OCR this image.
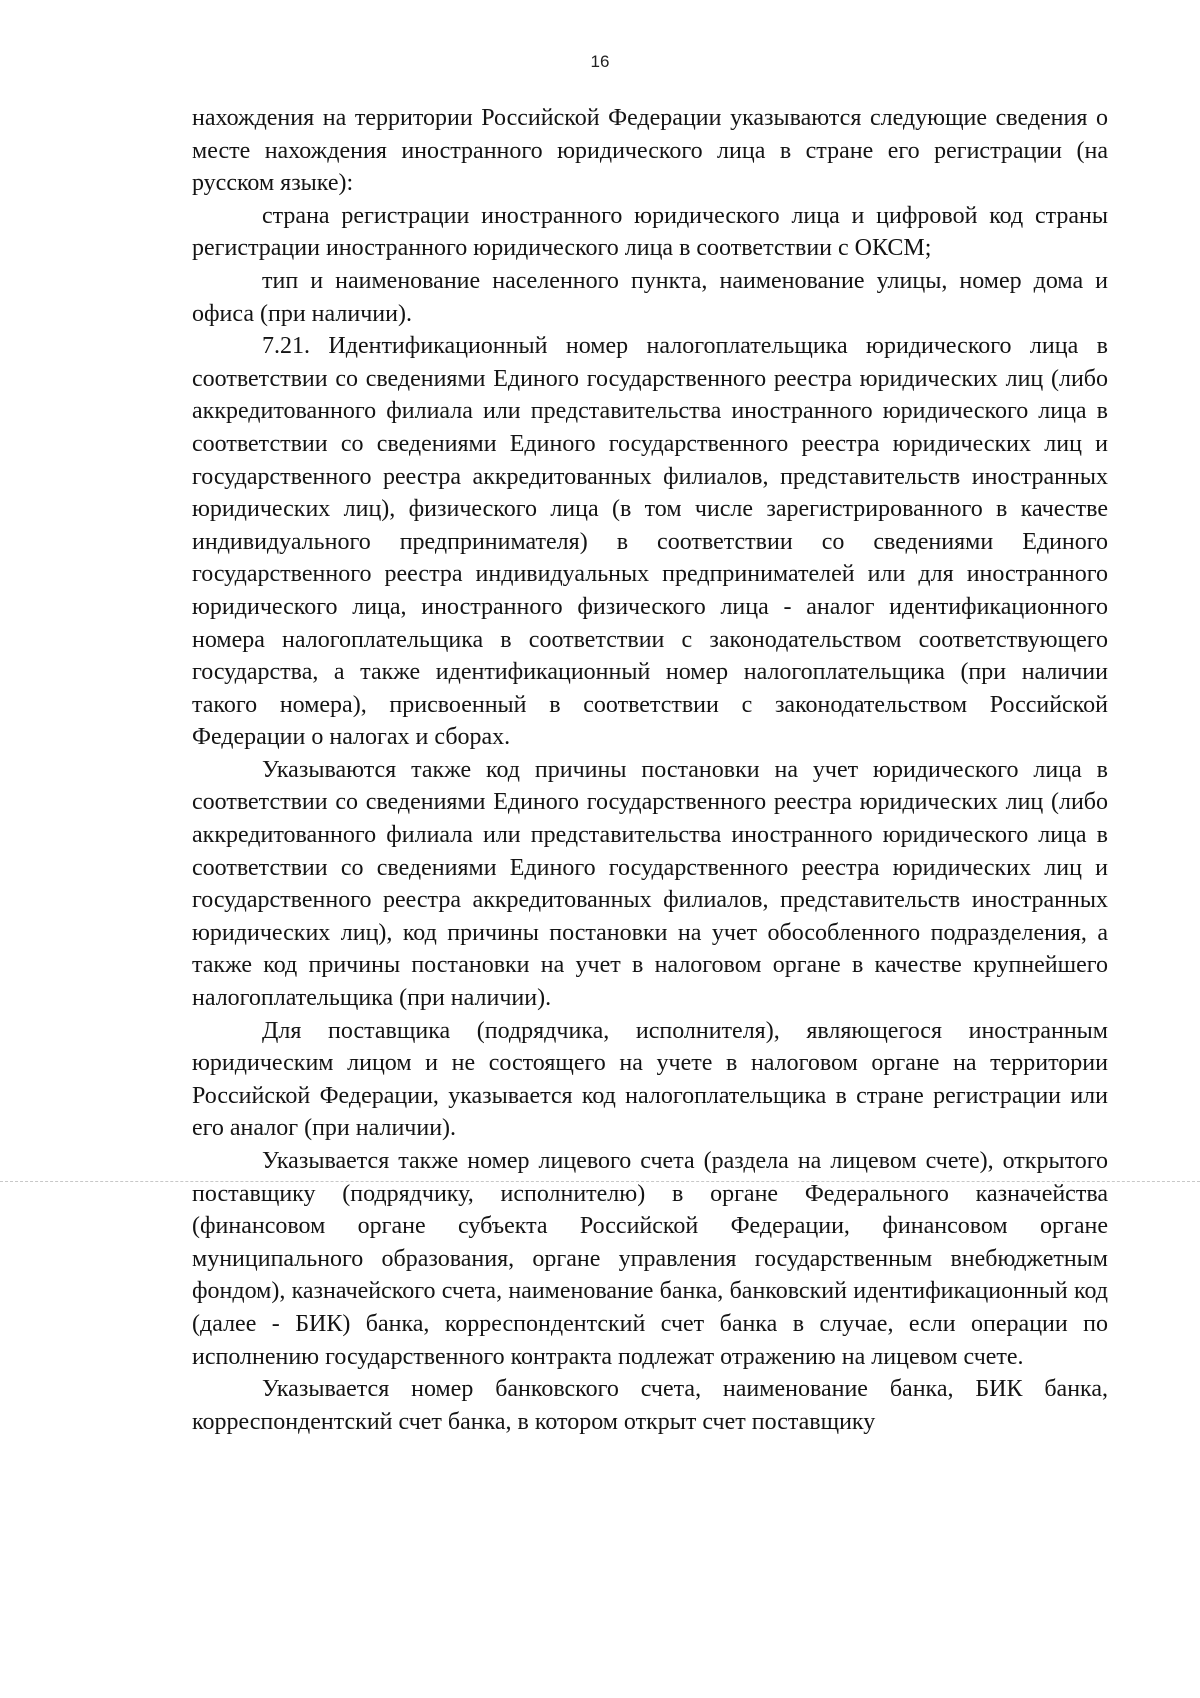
16

нахождения на территории Российской Федерации указываются следующие сведения о месте нахождения иностранного юридического лица в стране его регистрации (на русском языке):

страна регистрации иностранного юридического лица и цифровой код страны регистрации иностранного юридического лица в соответствии с ОКСМ;

тип и наименование населенного пункта, наименование улицы, номер дома и офиса (при наличии).

7.21. Идентификационный номер налогоплательщика юридического лица в соответствии со сведениями Единого государственного реестра юридических лиц (либо аккредитованного филиала или представительства иностранного юридического лица в соответствии со сведениями Единого государственного реестра юридических лиц и государственного реестра аккредитованных филиалов, представительств иностранных юридических лиц), физического лица (в том числе зарегистрированного в качестве индивидуального предпринимателя) в соответствии со сведениями Единого государственного реестра индивидуальных предпринимателей или для иностранного юридического лица, иностранного физического лица - аналог идентификационного номера налогоплательщика в соответствии с законодательством соответствующего государства, а также идентификационный номер налогоплательщика (при наличии такого номера), присвоенный в соответствии с законодательством Российской Федерации о налогах и сборах.

Указываются также код причины постановки на учет юридического лица в соответствии со сведениями Единого государственного реестра юридических лиц (либо аккредитованного филиала или представительства иностранного юридического лица в соответствии со сведениями Единого государственного реестра юридических лиц и государственного реестра аккредитованных филиалов, представительств иностранных юридических лиц), код причины постановки на учет обособленного подразделения, а также код причины постановки на учет в налоговом органе в качестве крупнейшего налогоплательщика (при наличии).

Для поставщика (подрядчика, исполнителя), являющегося иностранным юридическим лицом и не состоящего на учете в налоговом органе на территории Российской Федерации, указывается код налогоплательщика в стране регистрации или его аналог (при наличии).

Указывается также номер лицевого счета (раздела на лицевом счете), открытого поставщику (подрядчику, исполнителю) в органе Федерального казначейства (финансовом органе субъекта Российской Федерации, финансовом органе муниципального образования, органе управления государственным внебюджетным фондом), казначейского счета, наименование банка, банковский идентификационный код (далее - БИК) банка, корреспондентский счет банка в случае, если операции по исполнению государственного контракта подлежат отражению на лицевом счете.

Указывается номер банковского счета, наименование банка, БИК банка, корреспондентский счет банка, в котором открыт счет поставщику
